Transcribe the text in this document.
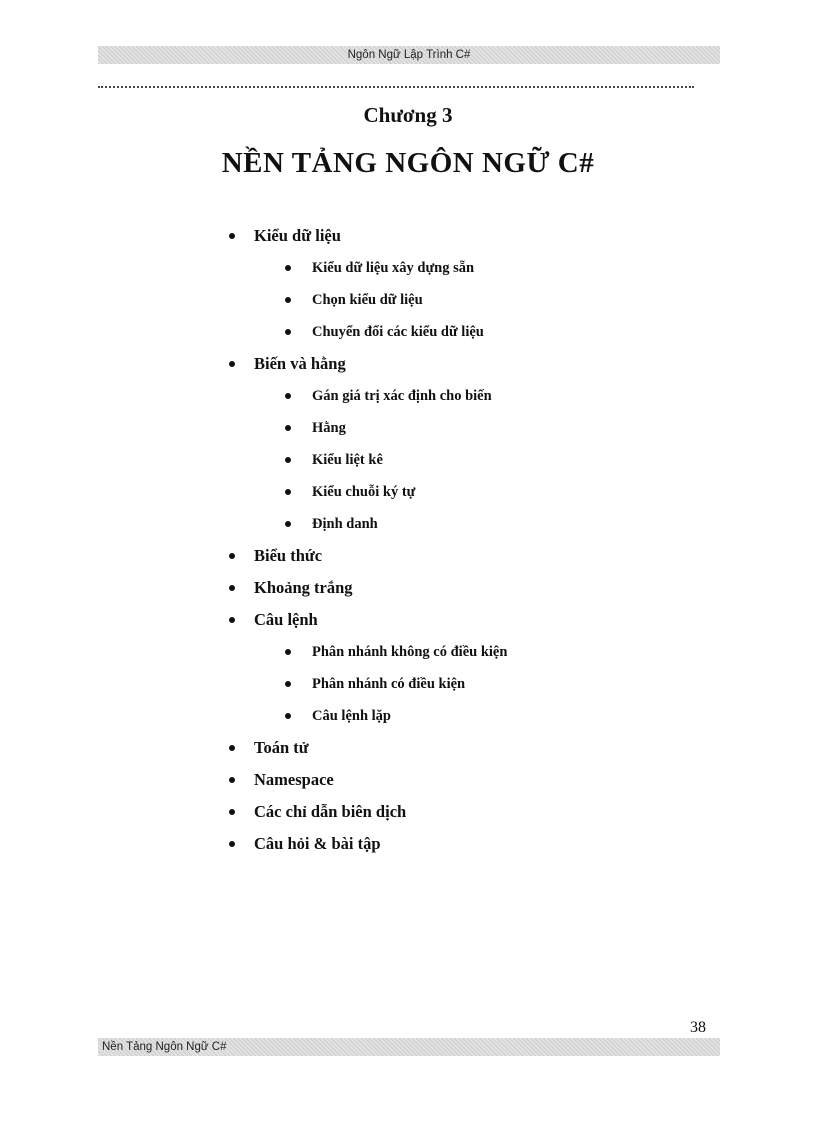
Ngôn Ngữ Lập Trình C#
Chương 3
NỀN TẢNG NGÔN NGỮ C#
Kiểu dữ liệu
Kiểu dữ liệu xây dựng sẵn
Chọn kiểu dữ liệu
Chuyển đổi các kiểu dữ liệu
Biến và hằng
Gán giá trị xác định cho biến
Hằng
Kiểu liệt kê
Kiểu chuỗi ký tự
Định danh
Biểu thức
Khoảng trắng
Câu lệnh
Phân nhánh không có điều kiện
Phân nhánh có điều kiện
Câu lệnh lặp
Toán tử
Namespace
Các chỉ dẫn biên dịch
Câu hỏi & bài tập
38
Nền Tảng Ngôn Ngữ C#
